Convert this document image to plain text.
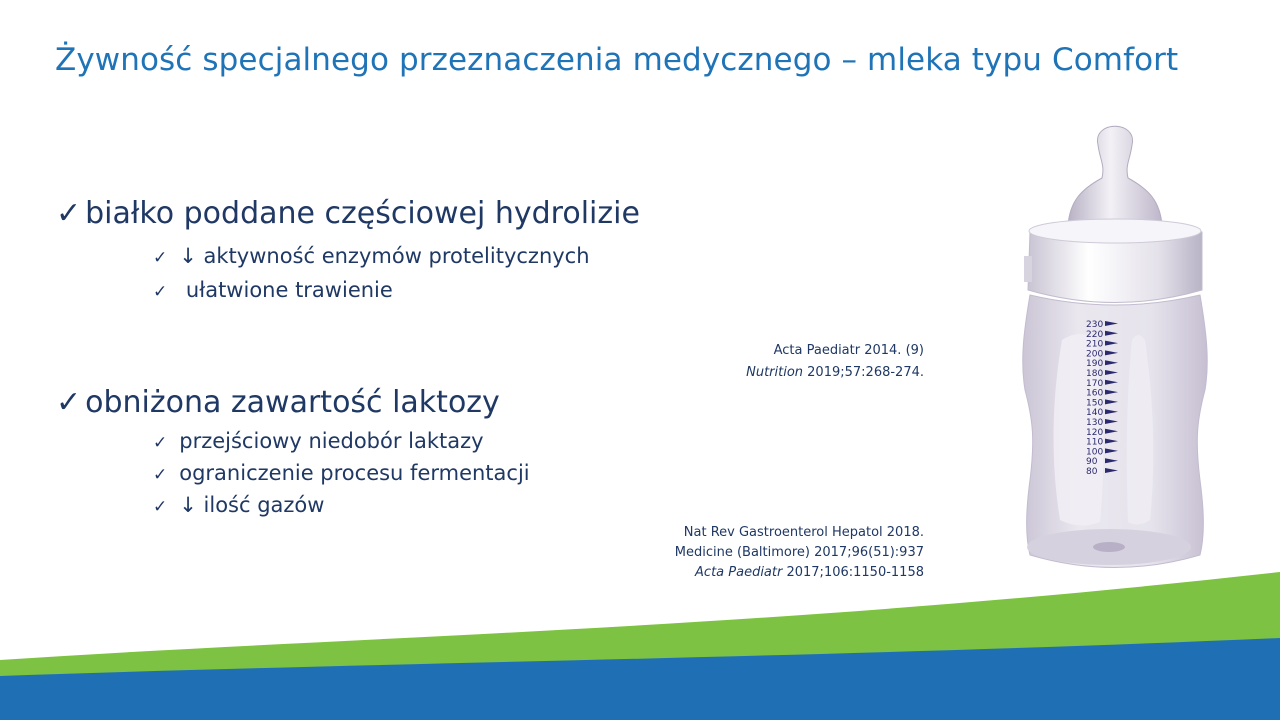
Żywność specjalnego przeznaczenia medycznego – mleka typu Comfort
✓ białko poddane częściowej hydrolizie
✓ ↓ aktywność enzymów protelitycznych
✓ ułatwione trawienie
Acta Paediatr 2014. (9)
Nutrition 2019;57:268-274.
✓ obniżona zawartość laktozy
✓ przejściowy niedobór laktazy
✓ ograniczenie procesu fermentacji
✓ ↓ ilość gazów
Nat Rev Gastroenterol Hepatol 2018.
Medicine (Baltimore) 2017;96(51):937
Acta Paediatr 2017;106:1150-1158
230
220
210
200
190
180
170
160
150
140
130
120
110
100
90
80
